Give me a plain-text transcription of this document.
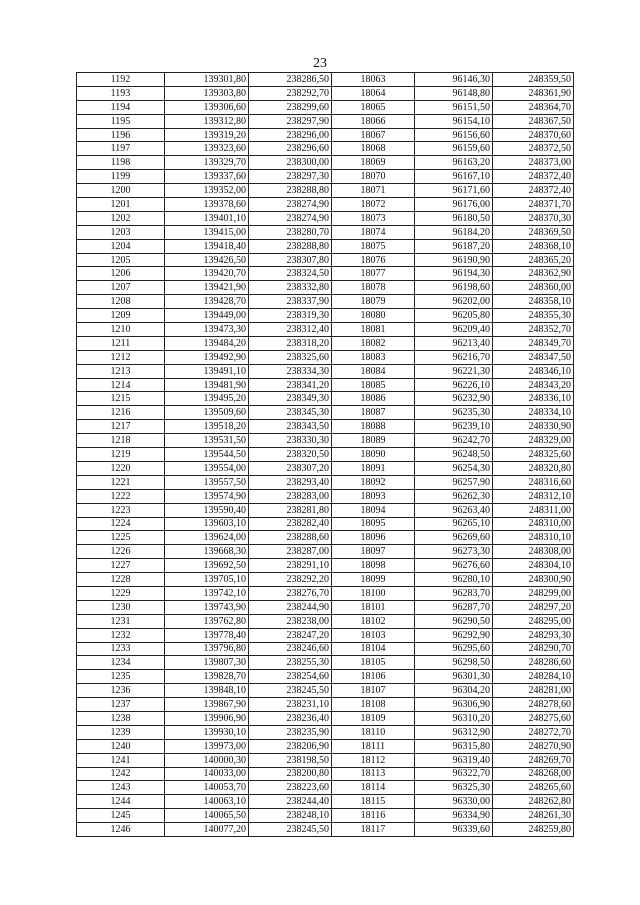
23
1192	139301,80	238286,50	18063	96146,30	248359,50
1193	139303,80	238292,70	18064	96148,80	248361,90
1194	139306,60	238299,60	18065	96151,50	248364,70
1195	139312,80	238297,90	18066	96154,10	248367,50
1196	139319,20	238296,00	18067	96156,60	248370,60
1197	139323,60	238296,60	18068	96159,60	248372,50
1198	139329,70	238300,00	18069	96163,20	248373,00
1199	139337,60	238297,30	18070	96167,10	248372,40
1200	139352,00	238288,80	18071	96171,60	248372,40
1201	139378,60	238274,90	18072	96176,00	248371,70
1202	139401,10	238274,90	18073	96180,50	248370,30
1203	139415,00	238280,70	18074	96184,20	248369,50
1204	139418,40	238288,80	18075	96187,20	248368,10
1205	139426,50	238307,80	18076	96190,90	248365,20
1206	139420,70	238324,50	18077	96194,30	248362,90
1207	139421,90	238332,80	18078	96198,60	248360,00
1208	139428,70	238337,90	18079	96202,00	248358,10
1209	139449,00	238319,30	18080	96205,80	248355,30
1210	139473,30	238312,40	18081	96209,40	248352,70
1211	139484,20	238318,20	18082	96213,40	248349,70
1212	139492,90	238325,60	18083	96216,70	248347,50
1213	139491,10	238334,30	18084	96221,30	248346,10
1214	139481,90	238341,20	18085	96226,10	248343,20
1215	139495,20	238349,30	18086	96232,90	248336,10
1216	139509,60	238345,30	18087	96235,30	248334,10
1217	139518,20	238343,50	18088	96239,10	248330,90
1218	139531,50	238330,30	18089	96242,70	248329,00
1219	139544,50	238320,50	18090	96248,50	248325,60
1220	139554,00	238307,20	18091	96254,30	248320,80
1221	139557,50	238293,40	18092	96257,90	248316,60
1222	139574,90	238283,00	18093	96262,30	248312,10
1223	139590,40	238281,80	18094	96263,40	248311,00
1224	139603,10	238282,40	18095	96265,10	248310,00
1225	139624,00	238288,60	18096	96269,60	248310,10
1226	139668,30	238287,00	18097	96273,30	248308,00
1227	139692,50	238291,10	18098	96276,60	248304,10
1228	139705,10	238292,20	18099	96280,10	248300,90
1229	139742,10	238276,70	18100	96283,70	248299,00
1230	139743,90	238244,90	18101	96287,70	248297,20
1231	139762,80	238238,00	18102	96290,50	248295,00
1232	139778,40	238247,20	18103	96292,90	248293,30
1233	139796,80	238246,60	18104	96295,60	248290,70
1234	139807,30	238255,30	18105	96298,50	248286,60
1235	139828,70	238254,60	18106	96301,30	248284,10
1236	139848,10	238245,50	18107	96304,20	248281,00
1237	139867,90	238231,10	18108	96306,90	248278,60
1238	139906,90	238236,40	18109	96310,20	248275,60
1239	139930,10	238235,90	18110	96312,90	248272,70
1240	139973,00	238206,90	18111	96315,80	248270,90
1241	140000,30	238198,50	18112	96319,40	248269,70
1242	140033,00	238200,80	18113	96322,70	248268,00
1243	140053,70	238223,60	18114	96325,30	248265,60
1244	140063,10	238244,40	18115	96330,00	248262,80
1245	140065,50	238248,10	18116	96334,90	248261,30
1246	140077,20	238245,50	18117	96339,60	248259,80
